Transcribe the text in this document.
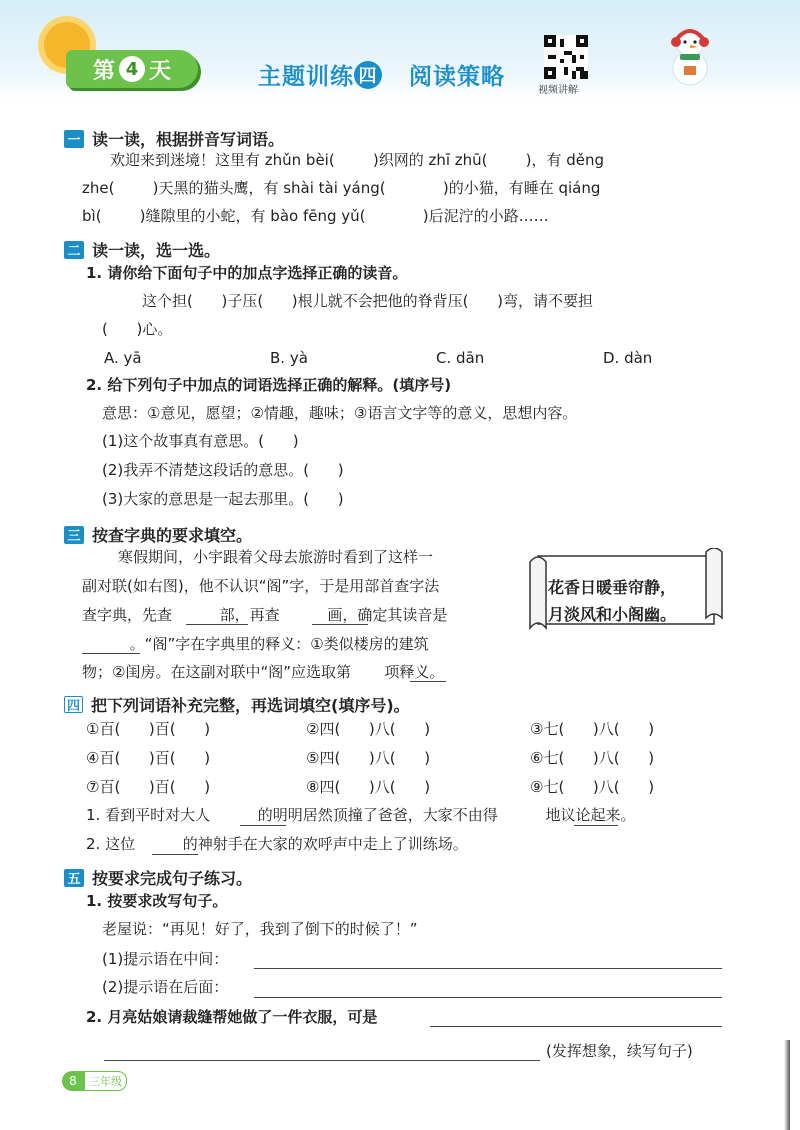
第 4 天	主题训练 四 阅读策略
视频讲解
一 读一读，根据拼音写词语。
欢迎来到迷境！这里有 zhǔn bèi(        )织网的 zhī zhū(        )，有 děng
zhe(        )天黑的猫头鹰，有 shài tài yáng(            )的小猫，有睡在 qiáng
bì(        )缝隙里的小蛇，有 bào fēng yǔ(            )后泥泞的小路……
二 读一读，选一选。
1. 请你给下面句子中的加点字选择正确的读音。
这个担(      )子压(      )根儿就不会把他的脊背压(      )弯，请不要担
(      )心。
A. yā	B. yà	C. dān	D. dàn
2. 给下列句子中加点的词语选择正确的解释。(填序号)
意思：①意见，愿望；②情趣，趣味；③语言文字等的意义，思想内容。
(1)这个故事真有意思。(      )
(2)我弄不清楚这段话的意思。(      )
(3)大家的意思是一起去那里。(      )
三 按查字典的要求填空。
寒假期间，小宇跟着父母去旅游时看到了这样一
副对联(如右图)，他不认识“阁”字，于是用部首查字法
查字典，先查          部，再查          画，确定其读音是
。“阁”字在字典里的释义：①类似楼房的建筑
物；②闺房。在这副对联中“阁”应选取第       项释义。
花香日暖垂帘静，
月淡风和小阁幽。
四 把下列词语补充完整，再选词填空(填序号)。
①百(      )百(      )	②四(      )八(      )	③七(      )八(      )
④百(      )百(      )	⑤四(      )八(      )	⑥七(      )八(      )
⑦百(      )百(      )	⑧四(      )八(      )	⑨七(      )八(      )
1. 看到平时对大人          的明明居然顶撞了爸爸，大家不由得          地议论起来。
2. 这位          的神射手在大家的欢呼声中走上了训练场。
五 按要求完成句子练习。
1. 按要求改写句子。
老屋说：“再见！好了，我到了倒下的时候了！”
(1)提示语在中间：
(2)提示语在后面：
2. 月亮姑娘请裁缝帮她做了一件衣服，可是
(发挥想象，续写句子)
8	三年级
